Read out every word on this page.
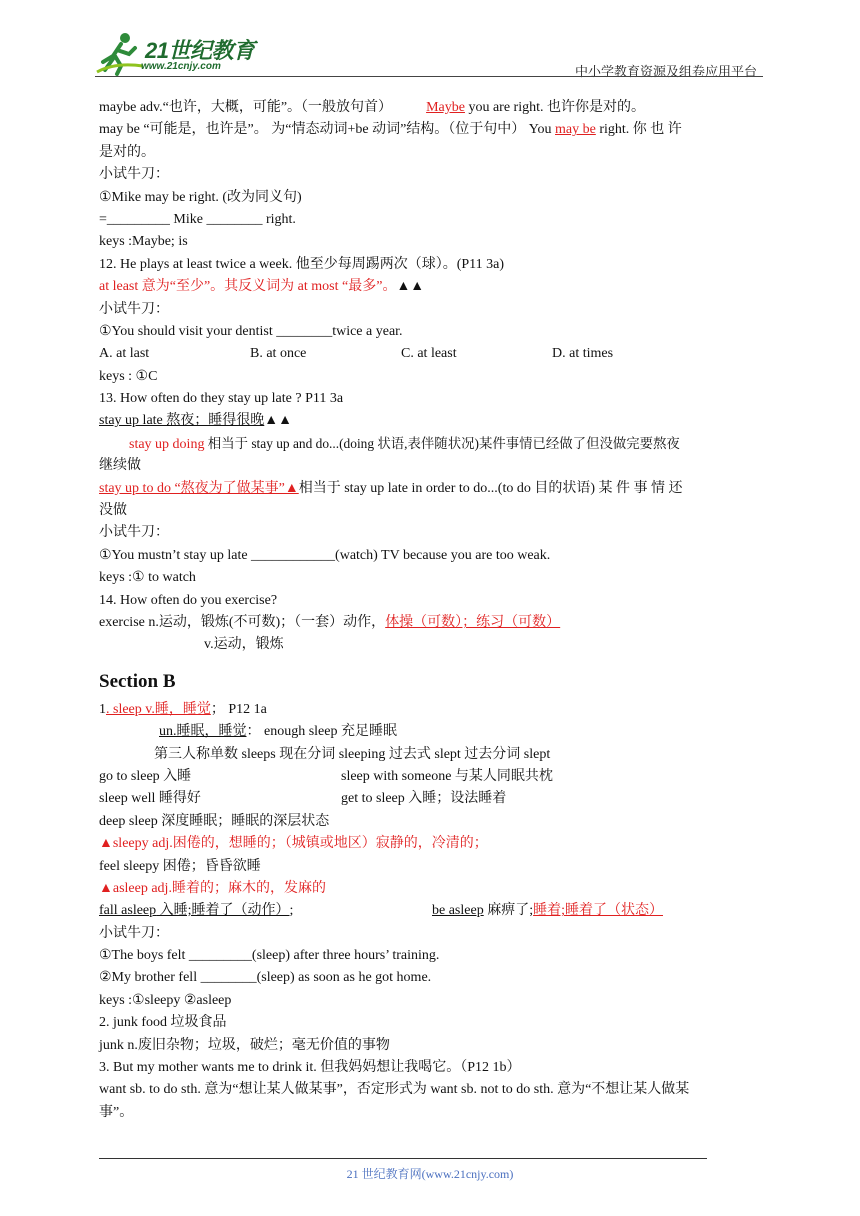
21世纪教育
www.21cnjy.com	中小学教育资源及组卷应用平台
maybe adv.“也许，大概，可能”。（一般放句首） Maybe you are right. 也许你是对的。
may be “可能是，也许是”。 为“情态动词+be 动词”结构。（位于句中） You may be right. 你 也 许
是对的。
小试牛刀：
①Mike may be right. (改为同义句)
=_________ Mike ________ right.
keys :Maybe; is
12. He plays at least twice a week. 他至少每周踢两次（球）。(P11 3a)
at least 意为“至少”。其反义词为 at most “最多”。▲▲
小试牛刀：
①You should visit your dentist ________twice a year.
A. at last	B. at once	C. at least	D. at times
keys : ①C
13. How often do they stay up late ? P11 3a
stay up late 熬夜；睡得很晚▲▲
stay up doing 相当于 stay up and do...(doing 状语,表伴随状况)某件事情已经做了但没做完要熬夜
继续做
stay up to do “熬夜为了做某事”▲相当于 stay up late in order to do...(to do 目的状语) 某 件 事 情 还
没做
小试牛刀：
①You mustn’t stay up late ____________(watch) TV because you are too weak.
keys :① to watch
14. How often do you exercise?
exercise n.运动，锻炼(不可数)；（一套）动作，体操（可数）；练习（可数）
v.运动，锻炼
Section B
1. sleep v.睡，睡觉； P12 1a
un.睡眠，睡觉： enough sleep 充足睡眠
第三人称单数 sleeps 现在分词 sleeping 过去式 slept 过去分词 slept
go to sleep 入睡	sleep with someone 与某人同眠共枕
sleep well 睡得好	get to sleep 入睡；设法睡着
deep sleep 深度睡眠；睡眠的深层状态
▲sleepy adj.困倦的，想睡的；（城镇或地区）寂静的，冷清的；
feel sleepy 困倦；昏昏欲睡
▲asleep adj.睡着的；麻木的，发麻的
fall asleep 入睡;睡着了（动作）;	be asleep 麻痹了;睡着;睡着了（状态）
小试牛刀：
①The boys felt _________(sleep) after three hours’ training.
②My brother fell ________(sleep) as soon as he got home.
keys :①sleepy ②asleep
2. junk food 垃圾食品
junk n.废旧杂物；垃圾，破烂；毫无价值的事物
3. But my mother wants me to drink it. 但我妈妈想让我喝它。（P12 1b）
want sb. to do sth. 意为“想让某人做某事”，否定形式为 want sb. not to do sth. 意为“不想让某人做某
事”。
21 世纪教育网(www.21cnjy.com)
